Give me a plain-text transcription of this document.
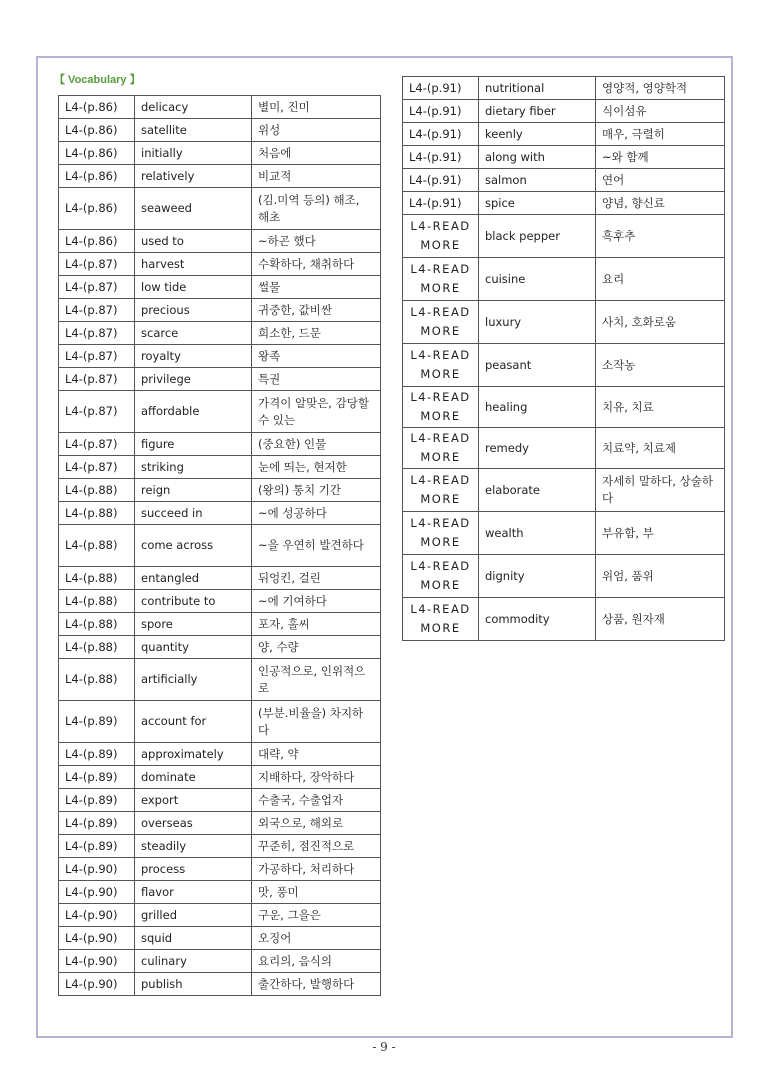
【 Vocabulary 】
L4-(p.86)	delicacy	별미, 진미
L4-(p.86)	satellite	위성
L4-(p.86)	initially	처음에
L4-(p.86)	relatively	비교적
L4-(p.86)	seaweed	(김.미역 등의) 해조, 해초
L4-(p.86)	used to	~하곤 했다
L4-(p.87)	harvest	수확하다, 채취하다
L4-(p.87)	low tide	썰물
L4-(p.87)	precious	귀중한, 값비싼
L4-(p.87)	scarce	희소한, 드문
L4-(p.87)	royalty	왕족
L4-(p.87)	privilege	특권
L4-(p.87)	affordable	가격이 알맞은, 감당할 수 있는
L4-(p.87)	figure	(중요한) 인물
L4-(p.87)	striking	눈에 띄는, 현저한
L4-(p.88)	reign	(왕의) 통치 기간
L4-(p.88)	succeed in	~에 성공하다
L4-(p.88)	come across	~을 우연히 발견하다
L4-(p.88)	entangled	뒤엉킨, 걸린
L4-(p.88)	contribute to	~에 기여하다
L4-(p.88)	spore	포자, 홀씨
L4-(p.88)	quantity	양, 수량
L4-(p.88)	artificially	인공적으로, 인위적으로
L4-(p.89)	account for	(부분.비율을) 차지하다
L4-(p.89)	approximately	대략, 약
L4-(p.89)	dominate	지배하다, 장악하다
L4-(p.89)	export	수출국, 수출업자
L4-(p.89)	overseas	외국으로, 해외로
L4-(p.89)	steadily	꾸준히, 점진적으로
L4-(p.90)	process	가공하다, 처리하다
L4-(p.90)	flavor	맛, 풍미
L4-(p.90)	grilled	구운, 그을은
L4-(p.90)	squid	오징어
L4-(p.90)	culinary	요리의, 음식의
L4-(p.90)	publish	출간하다, 발행하다
L4-(p.91)	nutritional	영양적, 영양학적
L4-(p.91)	dietary fiber	식이섬유
L4-(p.91)	keenly	매우, 극렬히
L4-(p.91)	along with	~와 함께
L4-(p.91)	salmon	연어
L4-(p.91)	spice	양념, 향신료
L4-READ MORE	black pepper	흑후추
L4-READ MORE	cuisine	요리
L4-READ MORE	luxury	사치, 호화로움
L4-READ MORE	peasant	소작농
L4-READ MORE	healing	치유, 치료
L4-READ MORE	remedy	치료약, 치료제
L4-READ MORE	elaborate	자세히 말하다, 상술하다
L4-READ MORE	wealth	부유함, 부
L4-READ MORE	dignity	위엄, 품위
L4-READ MORE	commodity	상품, 원자재
- 9 -
